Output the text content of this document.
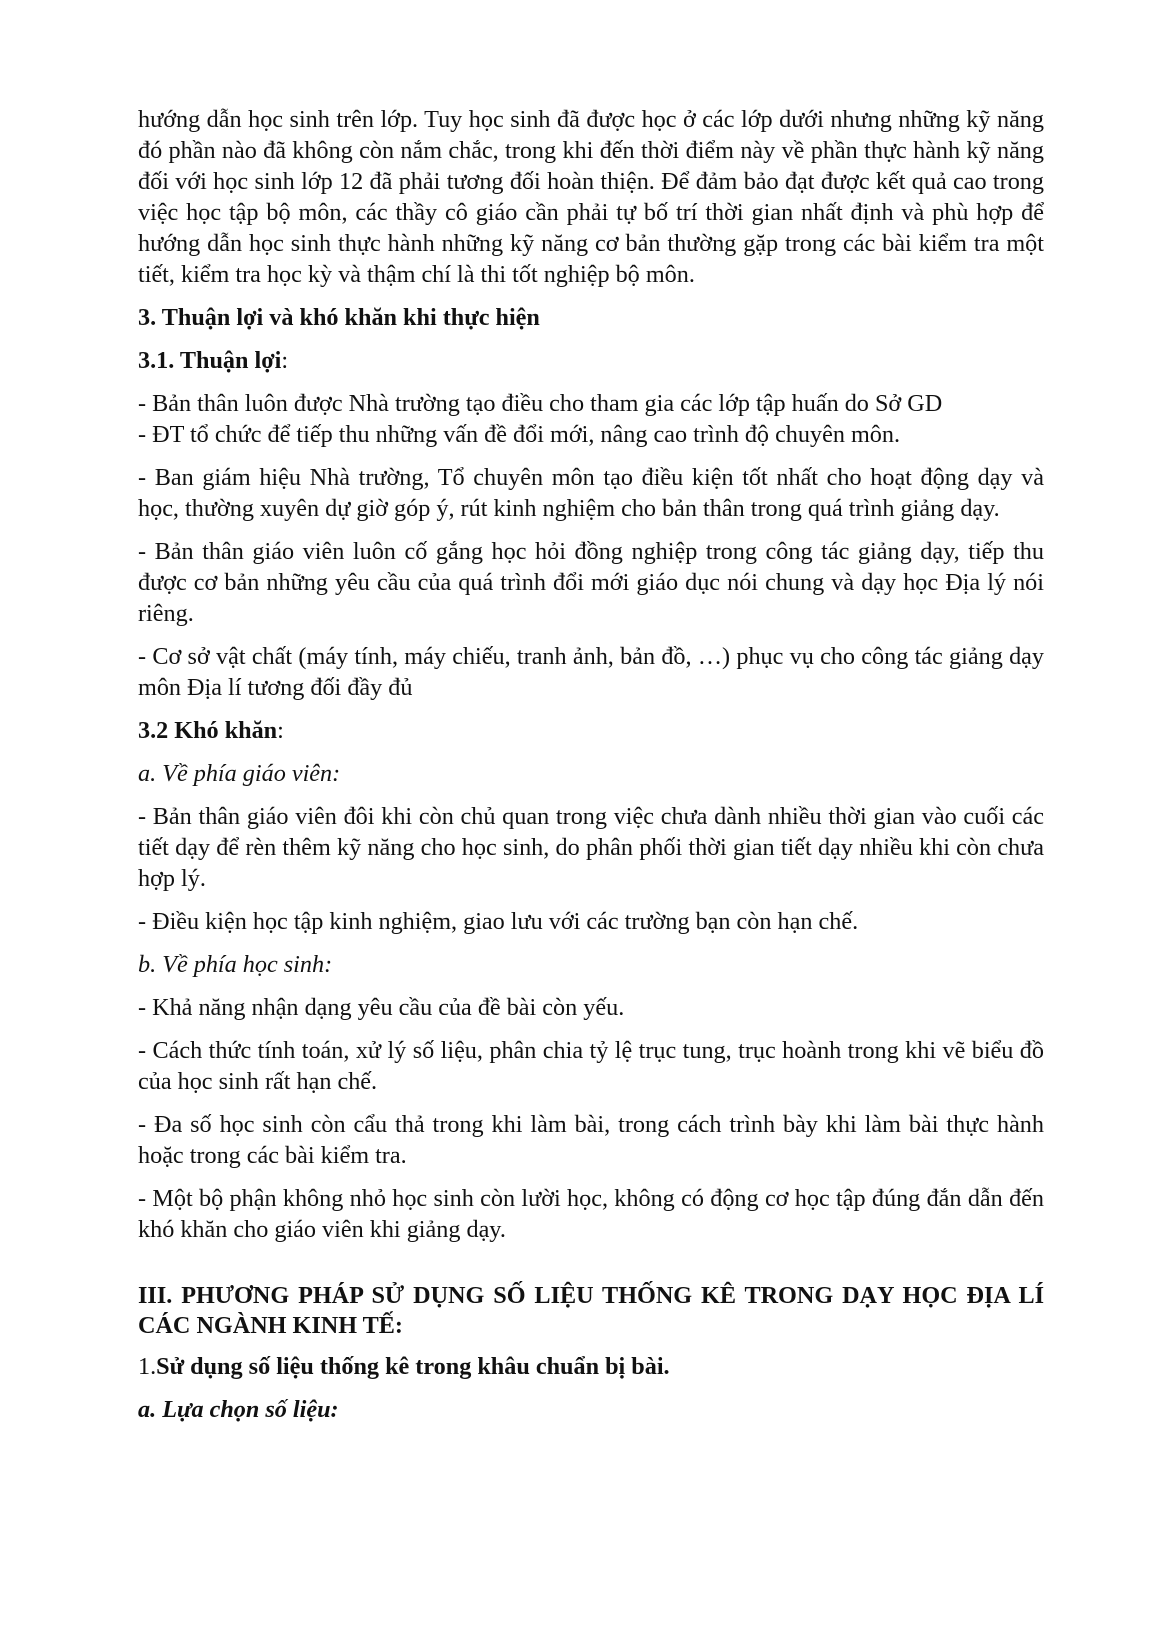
hướng dẫn học sinh trên lớp. Tuy học sinh đã được học ở các lớp dưới nhưng những kỹ năng đó phần nào đã không còn nắm chắc, trong khi đến thời điểm này về phần thực hành kỹ năng đối với học sinh lớp 12 đã phải tương đối hoàn thiện. Để đảm bảo đạt được kết quả cao trong việc học tập bộ môn, các thầy cô giáo cần phải tự bố trí thời gian nhất định và phù hợp để hướng dẫn học sinh thực hành những kỹ năng cơ bản thường gặp trong các bài kiểm tra một tiết, kiểm tra học kỳ và thậm chí là thi tốt nghiệp bộ môn.

3. Thuận lợi và khó khăn khi thực hiện

3.1. Thuận lợi:

- Bản thân luôn được Nhà trường tạo điều cho tham gia các lớp tập huấn do Sở GD

- ĐT tổ chức để tiếp thu những vấn đề đổi mới, nâng cao trình độ chuyên môn.

- Ban giám hiệu Nhà trường, Tổ chuyên môn tạo điều kiện tốt nhất cho hoạt động dạy và học, thường xuyên dự giờ góp ý, rút kinh nghiệm cho bản thân trong quá trình giảng dạy.

- Bản thân giáo viên luôn cố gắng học hỏi đồng nghiệp trong công tác giảng dạy, tiếp thu được cơ bản những yêu cầu của quá trình đổi mới giáo dục nói chung và dạy học Địa lý nói riêng.

- Cơ sở vật chất (máy tính, máy chiếu, tranh ảnh, bản đồ, …) phục vụ cho công tác giảng dạy môn Địa lí tương đối đầy đủ

3.2 Khó khăn:

a. Về phía giáo viên:

- Bản thân giáo viên đôi khi còn chủ quan trong việc chưa dành nhiều thời gian vào cuối các tiết dạy để rèn thêm kỹ năng cho học sinh, do phân phối thời gian tiết dạy nhiều khi còn chưa hợp lý.

- Điều kiện học tập kinh nghiệm, giao lưu với các trường bạn còn hạn chế.

b. Về phía học sinh:

- Khả năng nhận dạng yêu cầu của đề bài còn yếu.

- Cách thức tính toán, xử lý số liệu, phân chia tỷ lệ trục tung, trục hoành trong khi vẽ biểu đồ của học sinh rất hạn chế.

- Đa số học sinh còn cẩu thả trong khi làm bài, trong cách trình bày khi làm bài thực hành hoặc trong các bài kiểm tra.

- Một bộ phận không nhỏ học sinh còn lười học, không có động cơ học tập đúng đắn dẫn đến khó khăn cho giáo viên khi giảng dạy.

III. PHƯƠNG PHÁP SỬ DỤNG SỐ LIỆU THỐNG KÊ TRONG DẠY HỌC ĐỊA LÍ CÁC NGÀNH KINH TẾ:

1.Sử dụng số liệu thống kê trong khâu chuẩn bị bài.

a. Lựa chọn số liệu:
